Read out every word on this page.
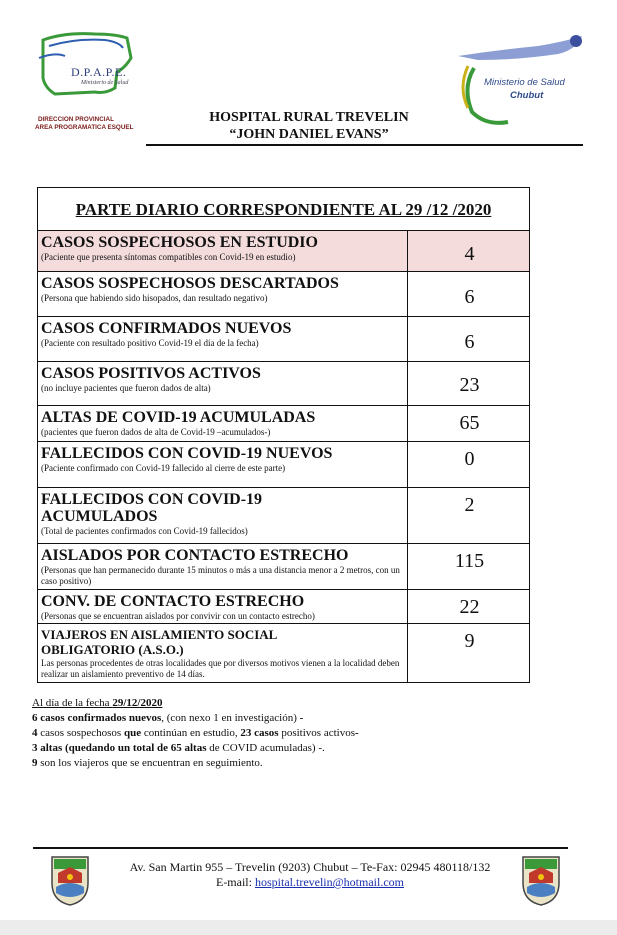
D.P.A.P.E.
Ministerio de Salud
DIRECCION PROVINCIAL
AREA PROGRAMATICA ESQUEL
Ministerio de Salud
Chubut
HOSPITAL RURAL TREVELIN
“JOHN DANIEL EVANS”
PARTE DIARIO CORRESPONDIENTE AL 29 /12 /2020
CASOS SOSPECHOSOS EN ESTUDIO
(Paciente que presenta síntomas compatibles con Covid-19 en estudio)	4
CASOS SOSPECHOSOS DESCARTADOS
(Persona que habiendo sido hisopados, dan resultado negativo)	6
CASOS CONFIRMADOS NUEVOS
(Paciente con resultado positivo Covid-19 el día de la fecha)	6
CASOS POSITIVOS ACTIVOS
(no incluye pacientes que fueron dados de alta)	23
ALTAS DE COVID-19 ACUMULADAS
(pacientes que fueron dados de alta de Covid-19 –acumulados-)	65
FALLECIDOS CON COVID-19 NUEVOS
(Paciente confirmado con Covid-19 fallecido al cierre de este parte)	0
FALLECIDOS CON COVID-19 ACUMULADOS
(Total de pacientes confirmados con Covid-19 fallecidos)
2
AISLADOS POR CONTACTO ESTRECHO
(Personas que han permanecido durante 15 minutos o más a una distancia menor a 2 metros, con un caso positivo)
115
CONV. DE CONTACTO ESTRECHO
(Personas que se encuentran aislados por convivir con un contacto estrecho)	22
VIAJEROS EN AISLAMIENTO SOCIAL OBLIGATORIO (A.S.O.)
Las personas procedentes de otras localidades que por diversos motivos vienen a la localidad deben realizar un aislamiento preventivo de 14 días.
9
Al día de la fecha 29/12/2020
6 casos confirmados nuevos, (con nexo 1 en investigación) -
4 casos sospechosos que continúan en estudio, 23 casos positivos activos-
3 altas (quedando un total de 65 altas de COVID acumuladas) -.
9 son los viajeros que se encuentran en seguimiento.
Av. San Martin 955 – Trevelin (9203) Chubut – Te-Fax: 02945 480118/132
E-mail: hospital.trevelin@hotmail.com
